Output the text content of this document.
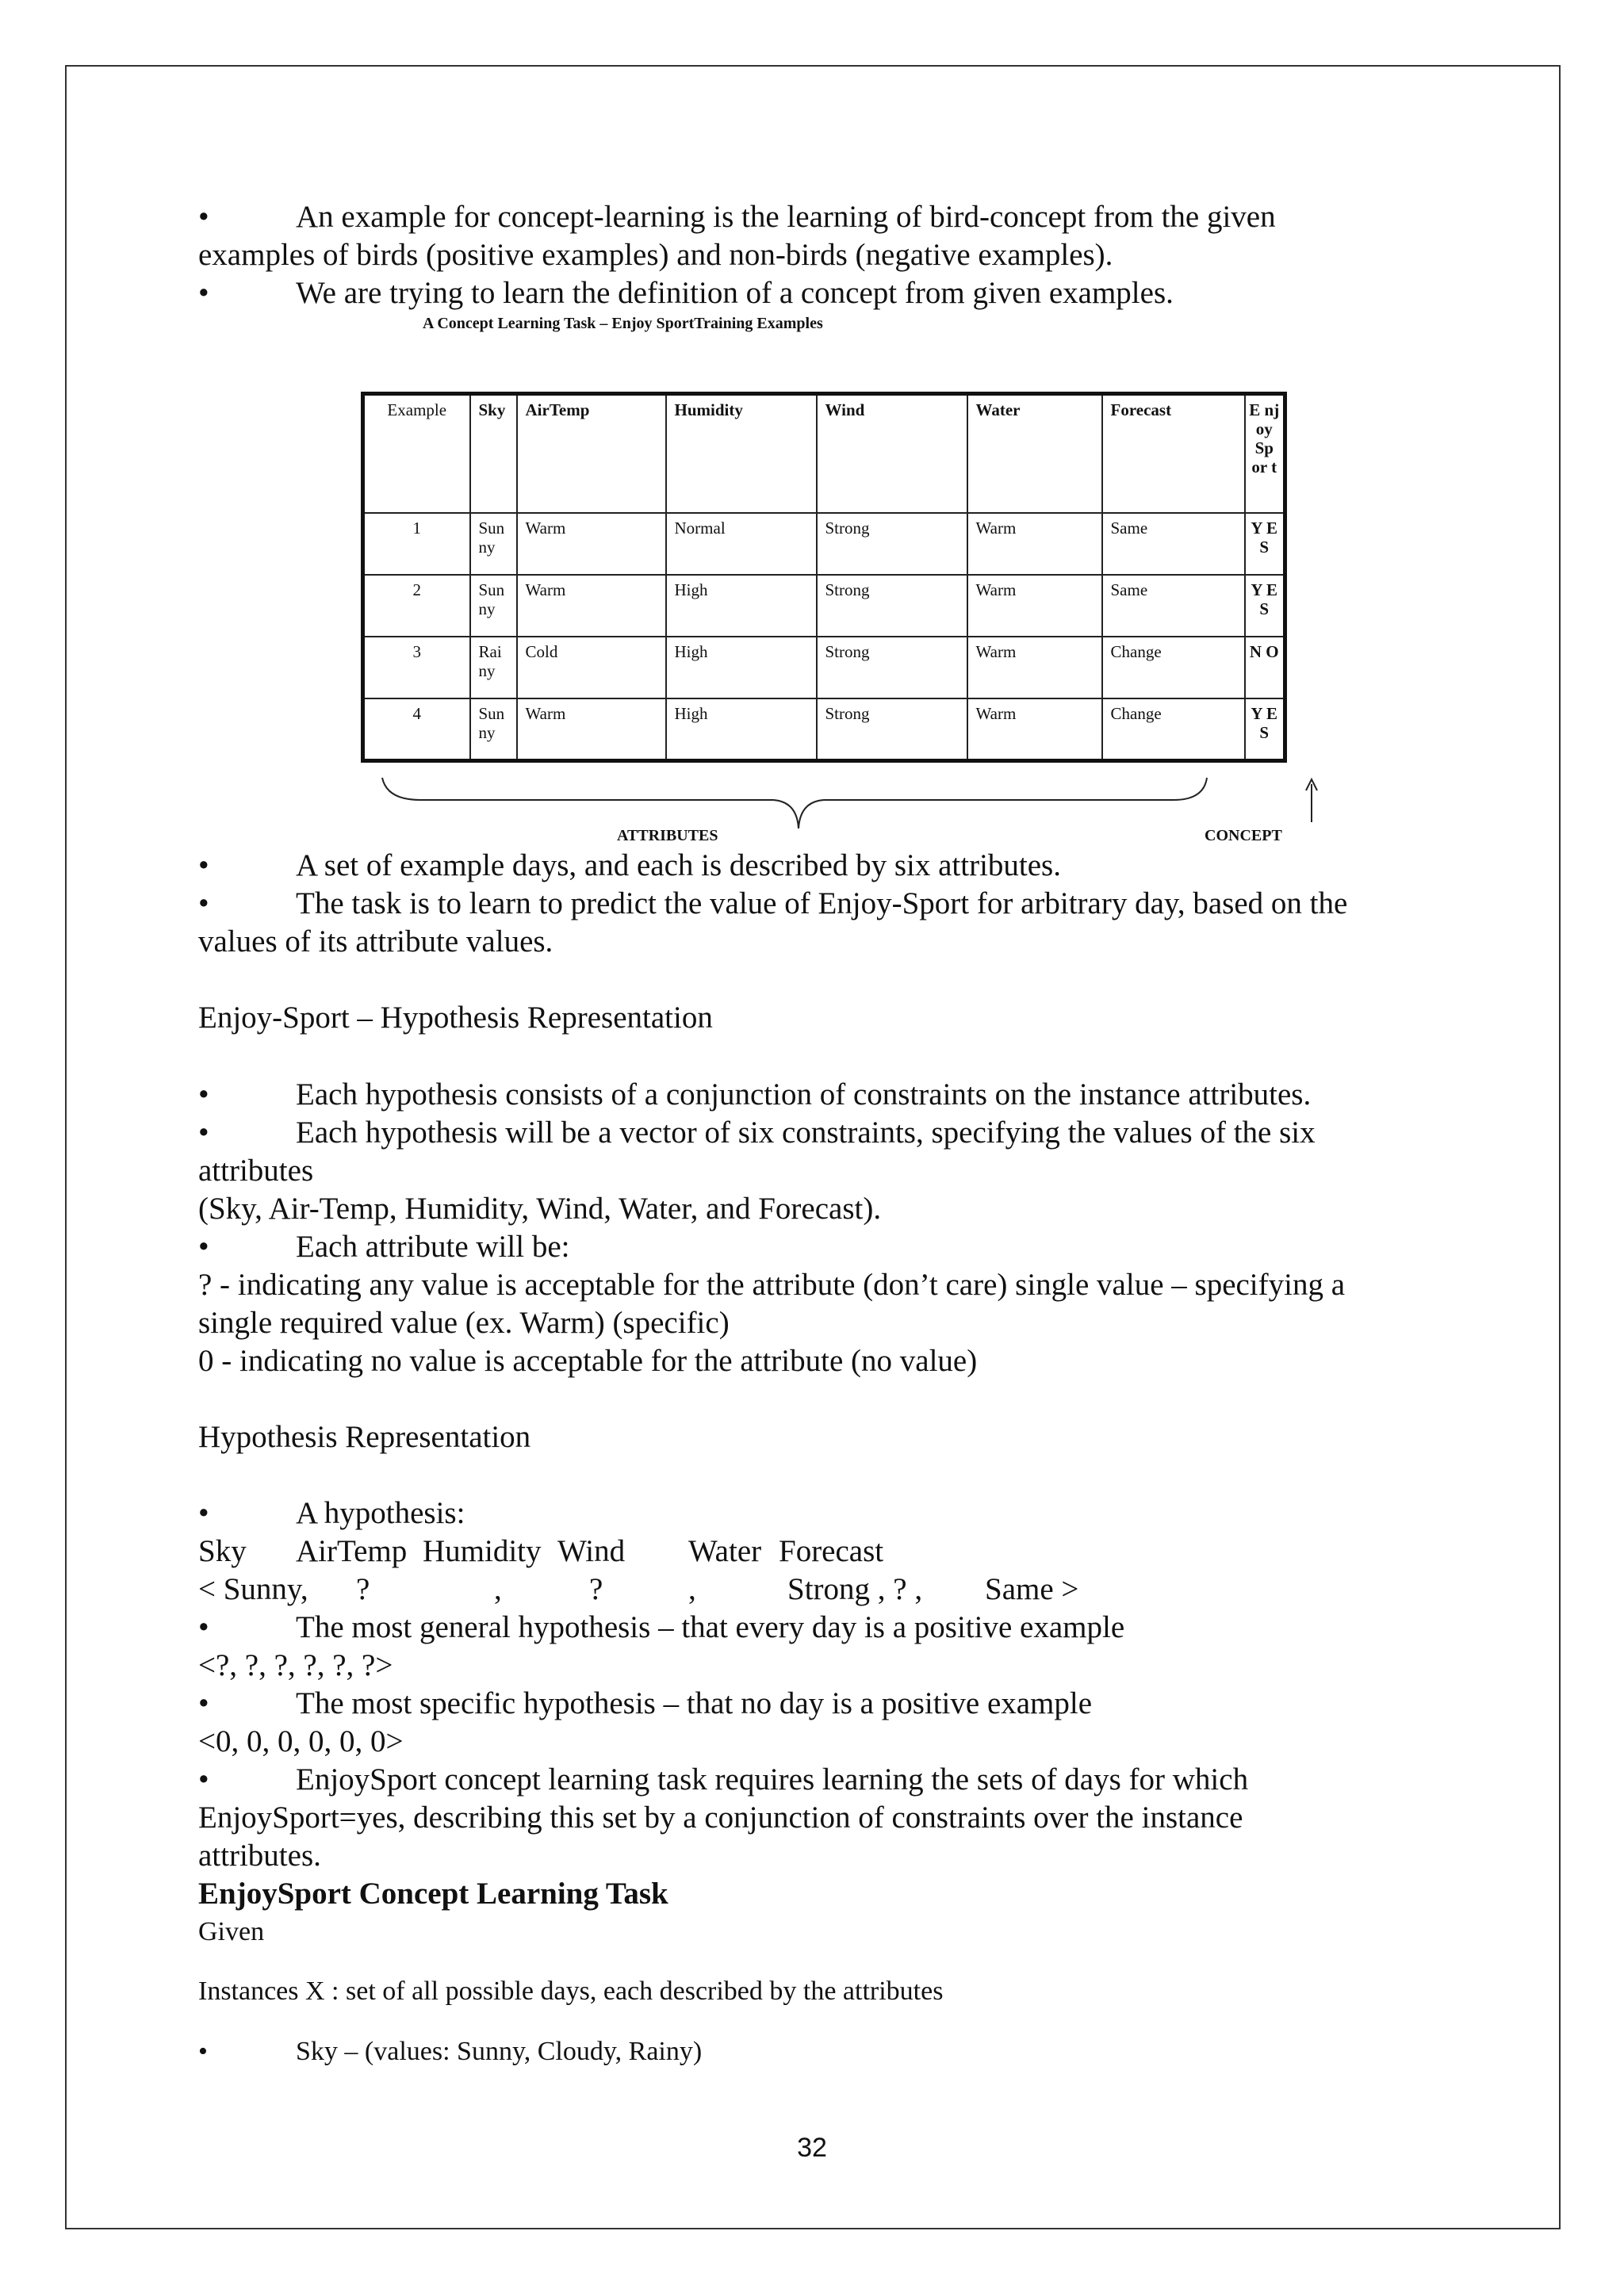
•	An example for concept-learning is the learning of bird-concept from the given
examples of birds (positive examples) and non-birds (negative examples).
•	We are trying to learn the definition of a concept from given examples.
A Concept Learning Task – Enjoy SportTraining Examples
Example	Sky	AirTemp	Humidity	Wind	Water	Forecast	E nj oy Sp or t
1	Sun ny	Warm	Normal	Strong	Warm	Same	Y E S
2	Sun ny	Warm	High	Strong	Warm	Same	Y E S
3	Rai ny	Cold	High	Strong	Warm	Change	N O
4	Sun ny	Warm	High	Strong	Warm	Change	Y E S
ATTRIBUTES	CONCEPT
•	A set of example days, and each is described by six attributes.
•	The task is to learn to predict the value of Enjoy-Sport for arbitrary day, based on the
values of its attribute values.
Enjoy-Sport – Hypothesis Representation
•	Each hypothesis consists of a conjunction of constraints on the instance attributes.
•	Each hypothesis will be a vector of six constraints, specifying the values of the six
attributes
(Sky, Air-Temp, Humidity, Wind, Water, and Forecast).
•	Each attribute will be:
? - indicating any value is acceptable for the attribute (don’t care) single value – specifying a
single required value (ex. Warm) (specific)
0 - indicating no value is acceptable for the attribute (no value)
Hypothesis Representation
•	A hypothesis:
Sky AirTemp Humidity Wind Water Forecast
< Sunny, ?	,	?	,	Strong , ? , Same >
•	The most general hypothesis – that every day is a positive example
<?, ?, ?, ?, ?, ?>
•	The most specific hypothesis – that no day is a positive example
<0, 0, 0, 0, 0, 0>
•	EnjoySport concept learning task requires learning the sets of days for which
EnjoySport=yes, describing this set by a conjunction of constraints over the instance
attributes.
EnjoySport Concept Learning Task
Given
Instances X : set of all possible days, each described by the attributes
•	Sky – (values: Sunny, Cloudy, Rainy)
32
